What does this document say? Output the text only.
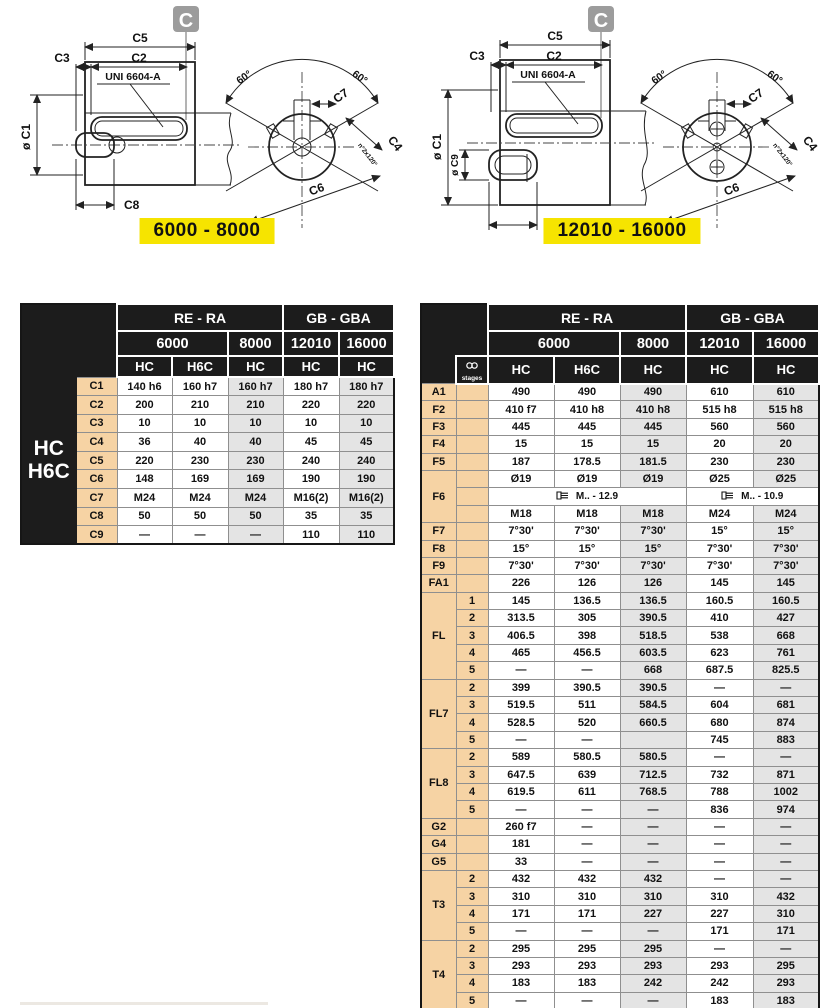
C
UNI 6604-A
C5
C2
C3
ø C1
C8
60°	60°
C7
C4
n°2x120°
C6
6000 - 8000
C
UNI 6604-A
C5
C2
C3
ø C1
ø C9
60°	60°
C7
C4
n°2x120°
C6
12010 - 16000
		RE - RA			GB - GBA	
		6000		8000	12010	16000
		HC	H6C	HC	HC	HC

HC
H6C	C1	140 h6	160 h7	160 h7	180 h7	180 h7
	C2	200	210	210	220	220
	C3	10	10	10	10	10
	C4	36	40	40	45	45
	C5	220	230	230	240	240
	C6	148	169	169	190	190
	C7	M24	M24	M24	M16(2)	M16(2)
	C8	50	50	50	35	35
	C9	—	—	—	110	110
		RE - RA			GB - GBA	
		6000		8000	12010	16000

	stages	HC	H6C	HC	HC	HC
A1		490	490	490	610	610
F2		410 f7	410 h8	410 h8	515 h8	515 h8
F3		445	445	445	560	560
F4		15	15	15	20	20
F5		187	178.5	181.5	230	230
F6		Ø19	Ø19	Ø19	Ø25	Ø25
		M.. - 12.9			M.. - 10.9	
		M18	M18	M18	M24	M24
F7		7°30'	7°30'	7°30'	15°	15°
F8		15°	15°	15°	7°30'	7°30'
F9		7°30'	7°30'	7°30'	7°30'	7°30'
FA1		226	126	126	145	145
FL	1	145	136.5	136.5	160.5	160.5
	2	313.5	305	390.5	410	427
	3	406.5	398	518.5	538	668
	4	465	456.5	603.5	623	761
	5	—	—	668	687.5	825.5
FL7	2	399	390.5	390.5	—	—
	3	519.5	511	584.5	604	681
	4	528.5	520	660.5	680	874
	5	—	—		745	883
FL8	2	589	580.5	580.5	—	—
	3	647.5	639	712.5	732	871
	4	619.5	611	768.5	788	1002
	5	—	—	—	836	974
G2		260 f7	—	—	—	—
G4		181	—	—	—	—
G5		33	—	—	—	—
T3	2	432	432	432	—	—
	3	310	310	310	310	432
	4	171	171	227	227	310
	5	—	—	—	171	171
T4	2	295	295	295	—	—
	3	293	293	293	293	295
	4	183	183	242	242	293
	5	—	—	—	183	183
